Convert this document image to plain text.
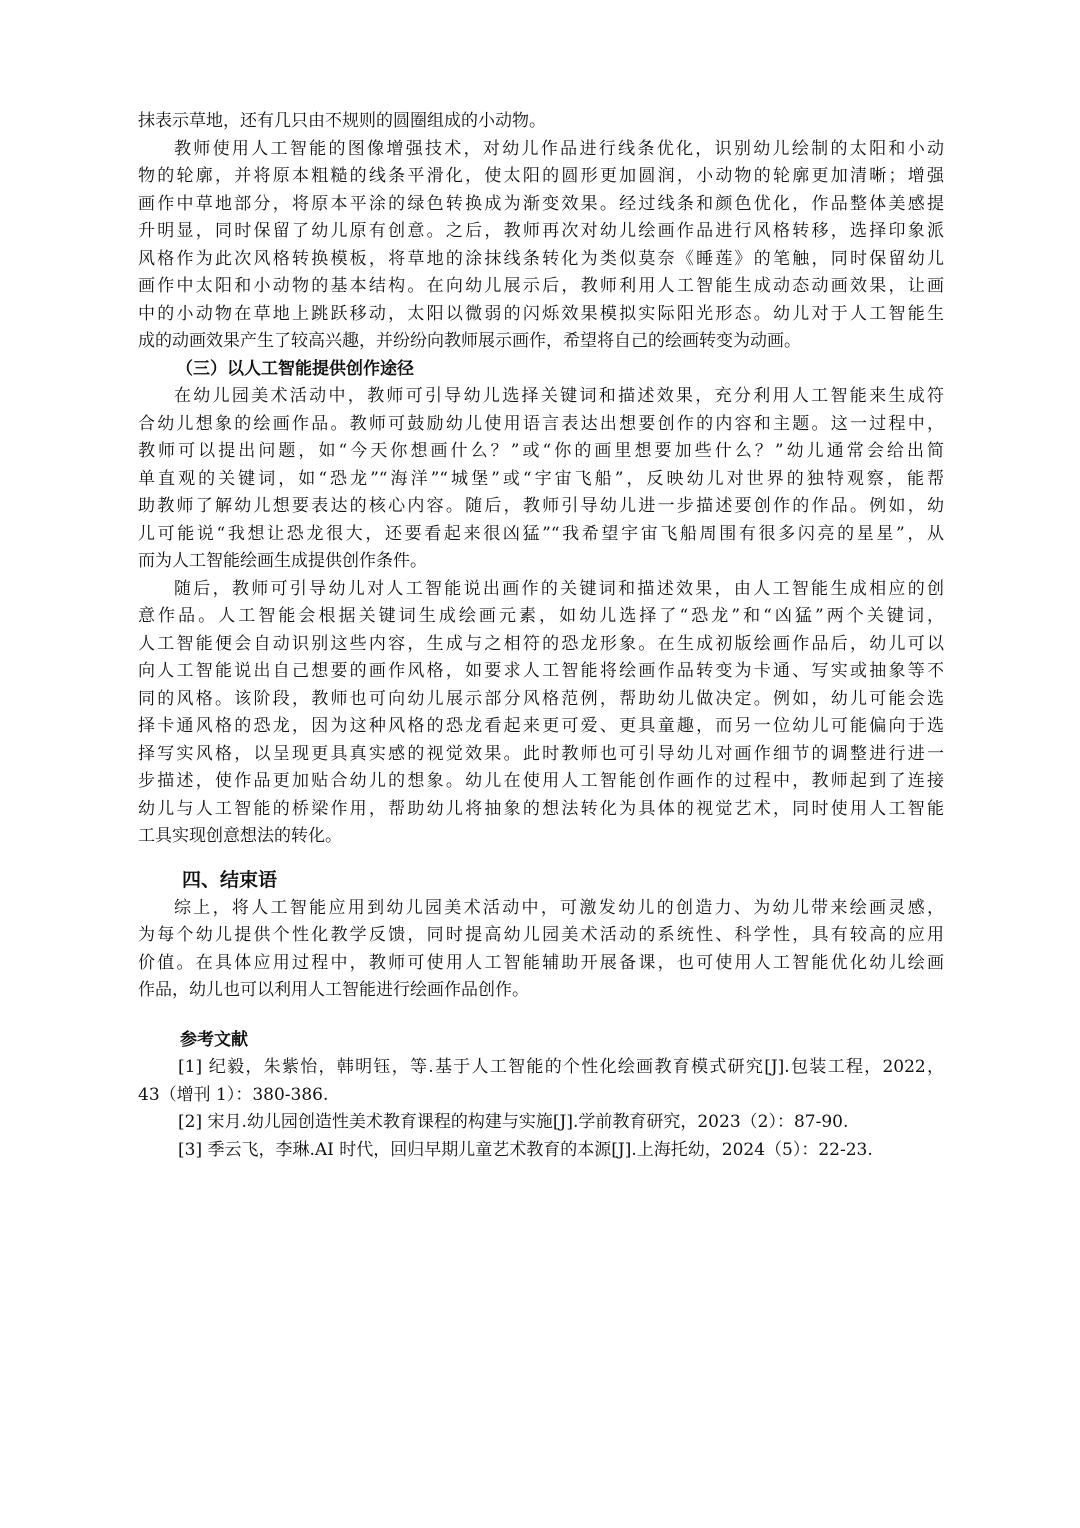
抹表示草地，还有几只由不规则的圆圈组成的小动物。
教师使用人工智能的图像增强技术，对幼儿作品进行线条优化，识别幼儿绘制的太阳和小动
物的轮廓，并将原本粗糙的线条平滑化，使太阳的圆形更加圆润，小动物的轮廓更加清晰；增强
画作中草地部分，将原本平涂的绿色转换成为渐变效果。经过线条和颜色优化，作品整体美感提
升明显，同时保留了幼儿原有创意。之后，教师再次对幼儿绘画作品进行风格转移，选择印象派
风格作为此次风格转换模板，将草地的涂抹线条转化为类似莫奈《睡莲》的笔触，同时保留幼儿
画作中太阳和小动物的基本结构。在向幼儿展示后，教师利用人工智能生成动态动画效果，让画
中的小动物在草地上跳跃移动，太阳以微弱的闪烁效果模拟实际阳光形态。幼儿对于人工智能生
成的动画效果产生了较高兴趣，并纷纷向教师展示画作，希望将自己的绘画转变为动画。
（三）以人工智能提供创作途径
在幼儿园美术活动中，教师可引导幼儿选择关键词和描述效果，充分利用人工智能来生成符
合幼儿想象的绘画作品。教师可鼓励幼儿使用语言表达出想要创作的内容和主题。这一过程中，
教师可以提出问题，如“今天你想画什么？”或“你的画里想要加些什么？”幼儿通常会给出简
单直观的关键词，如“恐龙”“海洋”“城堡”或“宇宙飞船”，反映幼儿对世界的独特观察，能帮
助教师了解幼儿想要表达的核心内容。随后，教师引导幼儿进一步描述要创作的作品。例如，幼
儿可能说“我想让恐龙很大，还要看起来很凶猛”“我希望宇宙飞船周围有很多闪亮的星星”，从
而为人工智能绘画生成提供创作条件。
随后，教师可引导幼儿对人工智能说出画作的关键词和描述效果，由人工智能生成相应的创
意作品。人工智能会根据关键词生成绘画元素，如幼儿选择了“恐龙”和“凶猛”两个关键词，
人工智能便会自动识别这些内容，生成与之相符的恐龙形象。在生成初版绘画作品后，幼儿可以
向人工智能说出自己想要的画作风格，如要求人工智能将绘画作品转变为卡通、写实或抽象等不
同的风格。该阶段，教师也可向幼儿展示部分风格范例，帮助幼儿做决定。例如，幼儿可能会选
择卡通风格的恐龙，因为这种风格的恐龙看起来更可爱、更具童趣，而另一位幼儿可能偏向于选
择写实风格，以呈现更具真实感的视觉效果。此时教师也可引导幼儿对画作细节的调整进行进一
步描述，使作品更加贴合幼儿的想象。幼儿在使用人工智能创作画作的过程中，教师起到了连接
幼儿与人工智能的桥梁作用，帮助幼儿将抽象的想法转化为具体的视觉艺术，同时使用人工智能
工具实现创意想法的转化。
四、结束语
综上，将人工智能应用到幼儿园美术活动中，可激发幼儿的创造力、为幼儿带来绘画灵感，
为每个幼儿提供个性化教学反馈，同时提高幼儿园美术活动的系统性、科学性，具有较高的应用
价值。在具体应用过程中，教师可使用人工智能辅助开展备课，也可使用人工智能优化幼儿绘画
作品，幼儿也可以利用人工智能进行绘画作品创作。
参考文献
[1] 纪毅，朱紫怡，韩明钰，等.基于人工智能的个性化绘画教育模式研究[J].包装工程，2022，
43（增刊 1）：380-386.
[2] 宋月.幼儿园创造性美术教育课程的构建与实施[J].学前教育研究，2023（2）：87-90.
[3] 季云飞，李琳.AI 时代，回归早期儿童艺术教育的本源[J].上海托幼，2024（5）：22-23.
